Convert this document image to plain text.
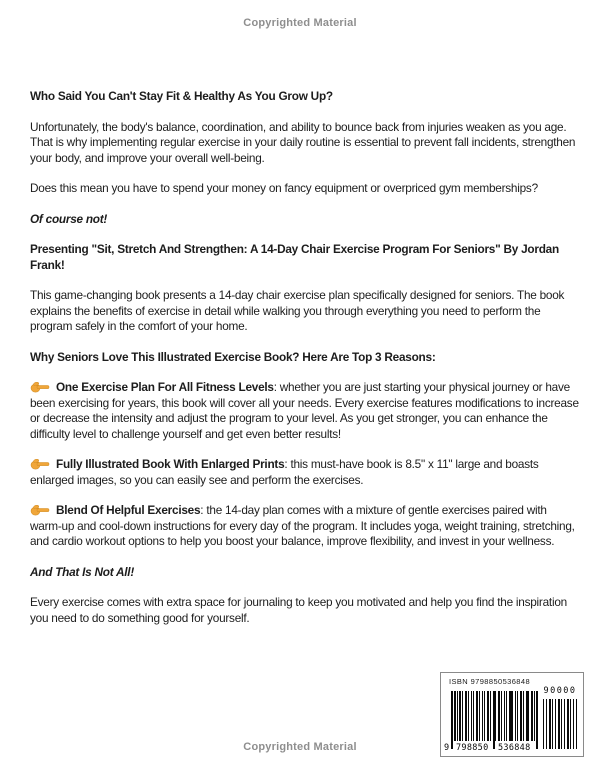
Copyrighted Material

Who Said You Can't Stay Fit & Healthy As You Grow Up?

Unfortunately, the body's balance, coordination, and ability to bounce back from injuries weaken as you age. That is why implementing regular exercise in your daily routine is essential to prevent fall incidents, strengthen your body, and improve your overall well-being.

Does this mean you have to spend your money on fancy equipment or overpriced gym memberships?

Of course not!

Presenting "Sit, Stretch And Strengthen: A 14-Day Chair Exercise Program For Seniors" By Jordan Frank!

This game-changing book presents a 14-day chair exercise plan specifically designed for seniors. The book explains the benefits of exercise in detail while walking you through everything you need to perform the program safely in the comfort of your home.

Why Seniors Love This Illustrated Exercise Book? Here Are Top 3 Reasons:

One Exercise Plan For All Fitness Levels: whether you are just starting your physical journey or have been exercising for years, this book will cover all your needs. Every exercise features modifications to increase or decrease the intensity and adjust the program to your level. As you get stronger, you can enhance the difficulty level to challenge yourself and get even better results!

Fully Illustrated Book With Enlarged Prints: this must-have book is 8.5" x 11" large and boasts enlarged images, so you can easily see and perform the exercises.

Blend Of Helpful Exercises: the 14-day plan comes with a mixture of gentle exercises paired with warm-up and cool-down instructions for every day of the program. It includes yoga, weight training, stretching, and cardio workout options to help you boost your balance, improve flexibility, and invest in your wellness.

And That Is Not All!

Every exercise comes with extra space for journaling to keep you motivated and help you find the inspiration you need to do something good for yourself.

ISBN 9798850536848
9 798850 536848
90000
Copyrighted Material
